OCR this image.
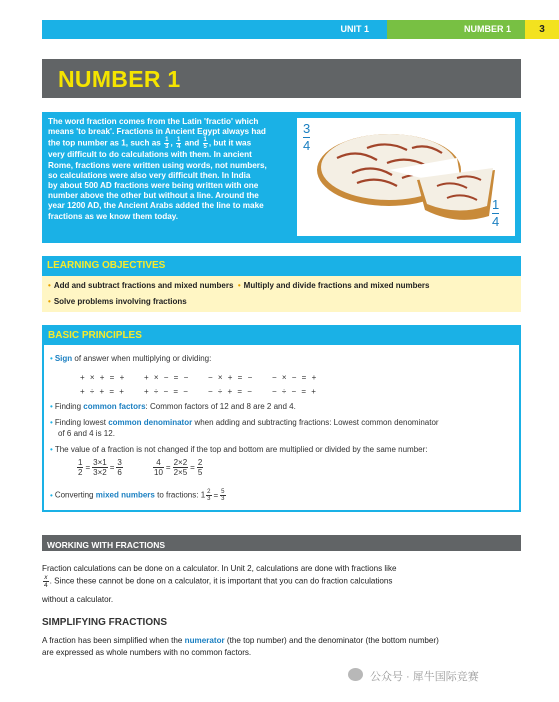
UNIT 1	NUMBER 1	3
NUMBER 1
The word fraction comes from the Latin 'fractio' which
means 'to break'. Fractions in Ancient Egypt always had
the top number as 1, such as $\frac{1}{3}$ , $\frac{1}{4}$ and $\frac{1}{5}$ , but it was
very difficult to do calculations with them. In ancient
Rome, fractions were written using words, not numbers,
so calculations were also very difficult then. In India
by about 500 AD fractions were being written with one
number above the other but without a line. Around the
year 1200 AD, the Ancient Arabs added the line to make
fractions as we know them today.
3
4
1
4
LEARNING OBJECTIVES
• Add and subtract fractions and mixed numbers • Multiply and divide fractions and mixed numbers
• Solve problems involving fractions
BASIC PRINCIPLES
• Sign of answer when multiplying or dividing:
+ × + = + + × − = − − × + = − − × − = +
+ ÷ + = + + ÷ − = − − ÷ + = − − ÷ − = +
• Finding common factors: Common factors of 12 and 8 are 2 and 4.
• Finding lowest common denominator when adding and subtracting fractions: Lowest common denominator
of 6 and 4 is 12.
• The value of a fraction is not changed if the top and bottom are multiplied or divided by the same number:
$\frac{1}{2} = \frac{3\times 1}{3\times 2} = \frac{3}{6}$	$\frac{4}{10} = \frac{2\times 2}{2\times 5} = \frac{2}{5}$
• Converting mixed numbers to fractions: $1 \frac{2}{3} = \frac{5}{3}$
WORKING WITH FRACTIONS
Fraction calculations can be done on a calculator. In Unit 2, calculations are done with fractions like
$\frac{x}{4}$ . Since these cannot be done on a calculator, it is important that you can do fraction calculations
without a calculator.
SIMPLIFYING FRACTIONS
A fraction has been simplified when the numerator (the top number) and the denominator (the bottom number)
are expressed as whole numbers with no common factors.
公众号 · 犀牛国际竞赛
